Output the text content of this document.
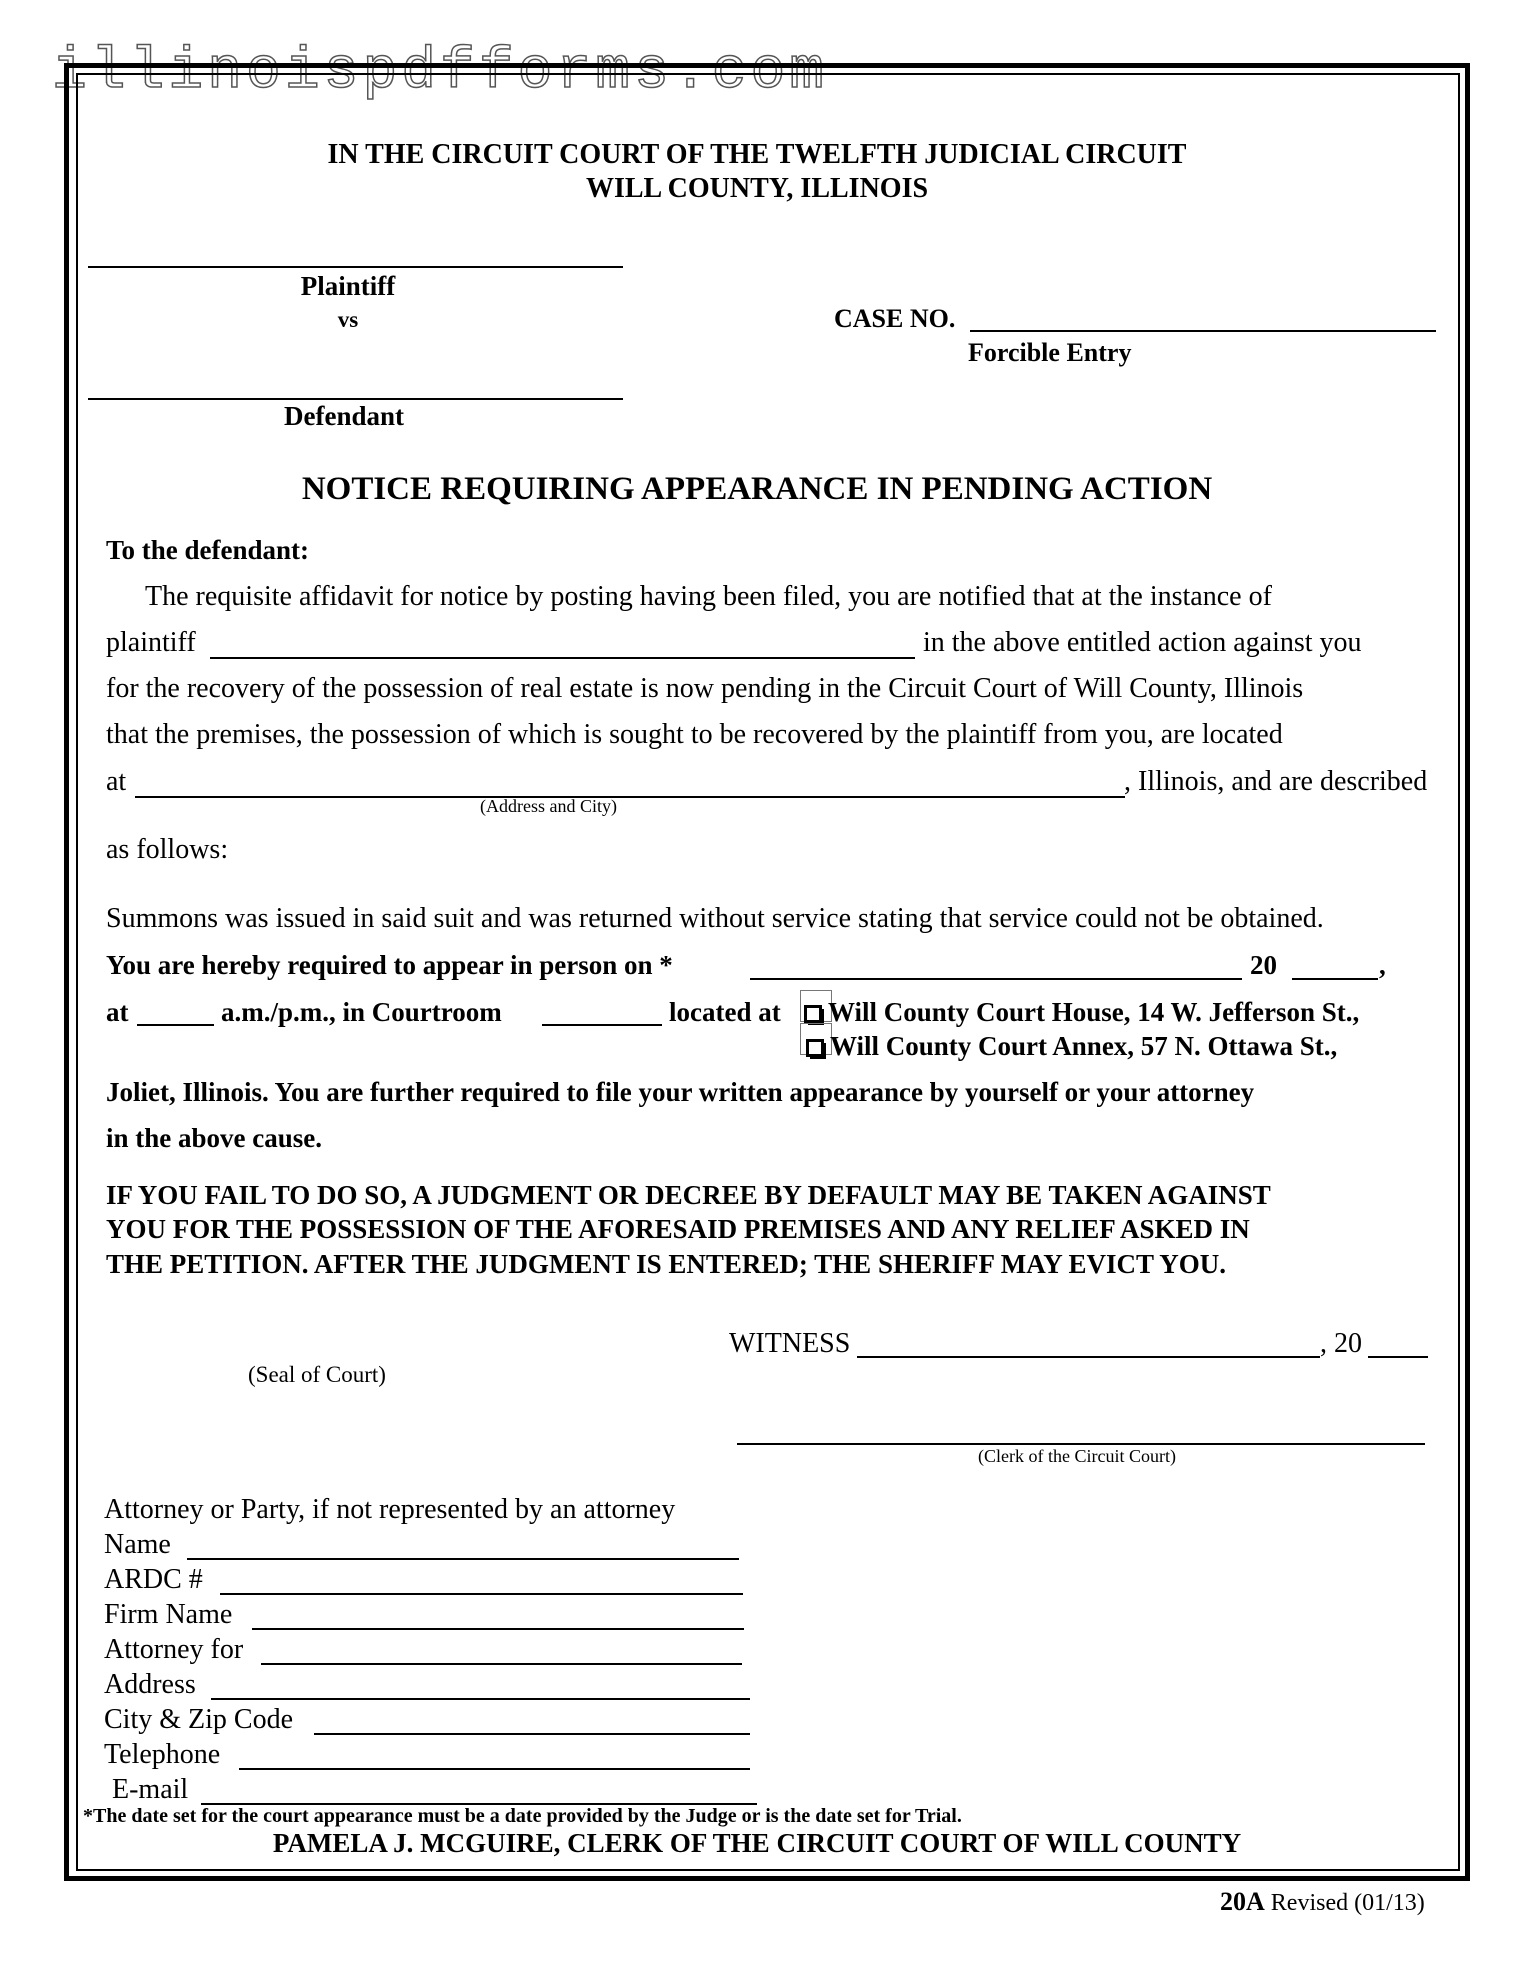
illinoispdfforms.com
IN THE CIRCUIT COURT OF THE TWELFTH JUDICIAL CIRCUIT
WILL COUNTY, ILLINOIS
Plaintiff
vs
Defendant
CASE NO.
Forcible Entry
NOTICE REQUIRING APPEARANCE IN PENDING ACTION
To the defendant:
The requisite affidavit for notice by posting having been filed, you are notified that at the instance of
plaintiff	in the above entitled action against you
for the recovery of the possession of real estate is now pending in the Circuit Court of Will County, Illinois
that the premises, the possession of which is sought to be recovered by the plaintiff from you, are located
at	, Illinois, and are described
(Address and City)
as follows:
Summons was issued in said suit and was returned without service stating that service could not be obtained.
You are hereby required to appear in person on *	20	,
at	a.m./p.m., in Courtroom	located at	Will County Court House, 14 W. Jefferson St.,
Will County Court Annex, 57 N. Ottawa St.,
Joliet, Illinois. You are further required to file your written appearance by yourself or your attorney
in the above cause.
IF YOU FAIL TO DO SO, A JUDGMENT OR DECREE BY DEFAULT MAY BE TAKEN AGAINST
YOU FOR THE POSSESSION OF THE AFORESAID PREMISES AND ANY RELIEF ASKED IN
THE PETITION. AFTER THE JUDGMENT IS ENTERED; THE SHERIFF MAY EVICT YOU.
WITNESS	, 20
(Seal of Court)
(Clerk of the Circuit Court)
Attorney or Party, if not represented by an attorney
Name
ARDC #
Firm Name
Attorney for
Address
City & Zip Code
Telephone
E-mail
*The date set for the court appearance must be a date provided by the Judge or is the date set for Trial.
PAMELA J. MCGUIRE, CLERK OF THE CIRCUIT COURT OF WILL COUNTY
20A Revised (01/13)
